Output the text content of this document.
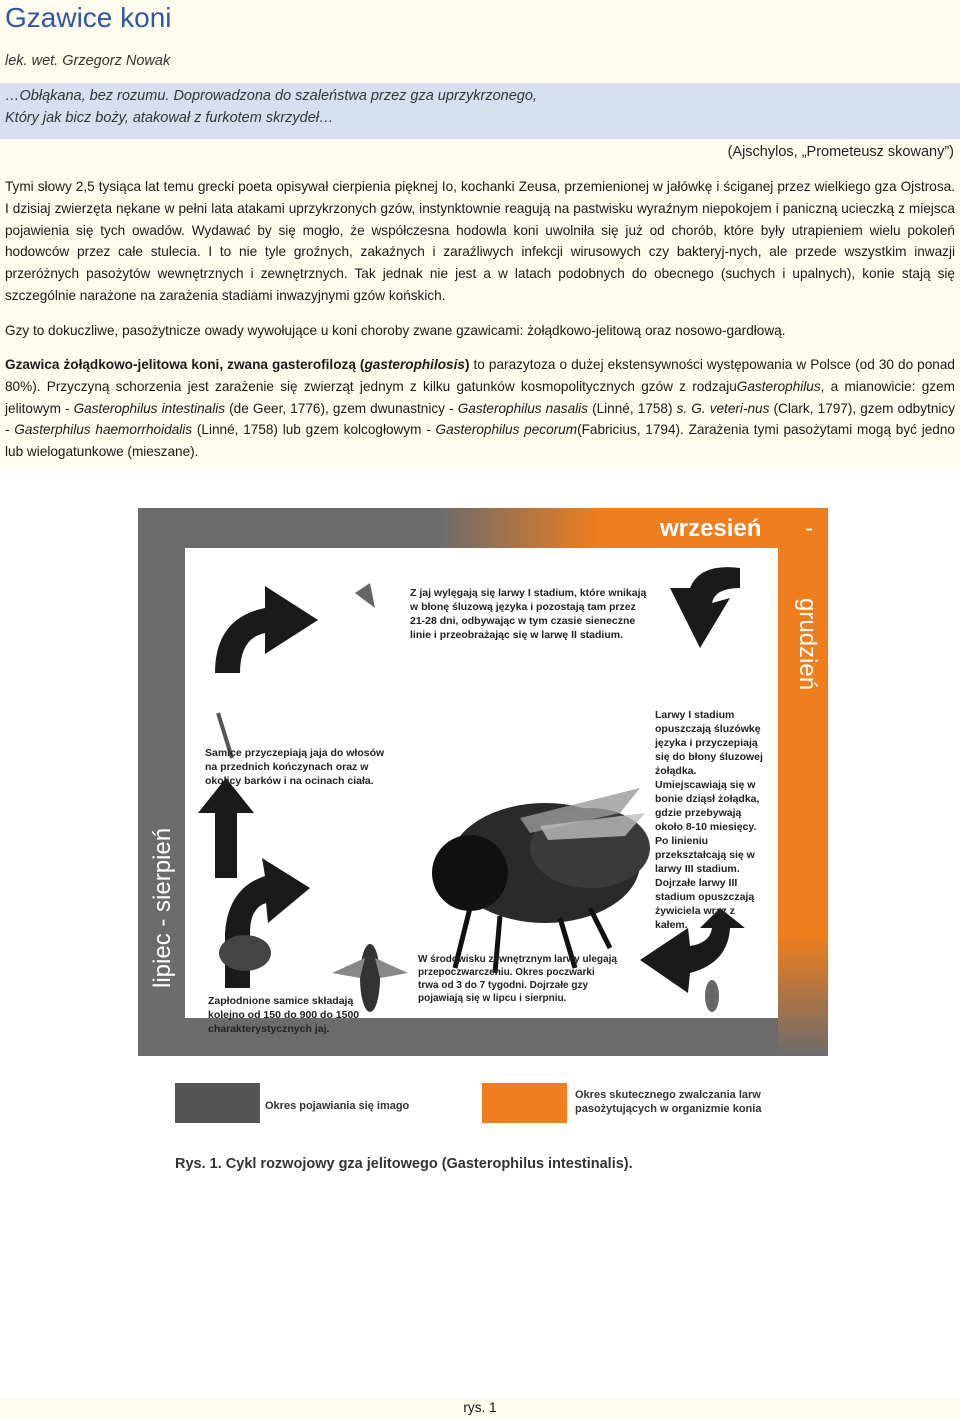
Gzawice koni
lek. wet. Grzegorz Nowak
…Obłąkana, bez rozumu. Doprowadzona do szaleństwa przez gza uprzykrzonego,
Który jak bicz boży, atakował z furkotem skrzydeł…
(Ajschylos, „Prometeusz skowany”)
Tymi słowy 2,5 tysiąca lat temu grecki poeta opisywał cierpienia pięknej Io, kochanki Zeusa, przemienionej w jałówkę i ściganej przez wielkiego gza Ojstrosa. I dzisiaj zwierzęta nękane w pełni lata atakami uprzykrzonych gzów, instynktownie reagują na pastwisku wyraźnym niepokojem i paniczną ucieczką z miejsca pojawienia się tych owadów. Wydawać by się mogło, że współczesna hodowla koni uwolniła się już od chorób, które były utrapieniem wielu pokoleń hodowców przez całe stulecia. I to nie tyle groźnych, zakaźnych i zaraźliwych infekcji wirusowych czy bakteryj-nych, ale przede wszystkim inwazji przeróżnych pasożytów wewnętrznych i zewnętrznych. Tak jednak nie jest a w latach podobnych do obecnego (suchych i upalnych), konie stają się szczególnie narażone na zarażenia stadiami inwazyjnymi gzów końskich.
Gzy to dokuczliwe, pasożytnicze owady wywołujące u koni choroby zwane gzawicami: żołądkowo-jelitową oraz nosowo-gardłową.
Gzawica żołądkowo-jelitowa koni, zwana gasterofilozą (gasterophilosis) to parazytoza o dużej ekstensywności występowania w Polsce (od 30 do ponad 80%). Przyczyną schorzenia jest zarażenie się zwierząt jednym z kilku gatunków kosmopolitycznych gzów z rodzajuGasterophilus, a mianowicie: gzem jelitowym - Gasterophilus intestinalis (de Geer, 1776), gzem dwunastnicy - Gasterophilus nasalis (Linné, 1758) s. G. veteri-nus (Clark, 1797), gzem odbytnicy - Gasterphilus haemorrhoidalis (Linné, 1758) lub gzem kolcogłowym - Gasterophilus pecorum(Fabricius, 1794). Zarażenia tymi pasożytami mogą być jedno lub wielogatunkowe (mieszane).
wrzesień -
grudzień
lipiec - sierpień
Z jaj wylęgają się larwy I stadium, które wnikają w błonę śluzową języka i pozostają tam przez 21-28 dni, odbywając w tym czasie sieneczne linie i przeobrażając się w larwę II stadium.
Larwy I stadium opuszczają śluzówkę języka i przyczepiają się do błony śluzowej żołądka. Umiejscawiają się w bonie dziąsł żołądka, gdzie przebywają około 8-10 miesięcy. Po linieniu przekształcają się w larwy III stadium. Dojrzałe larwy III stadium opuszczają żywiciela wraz z kałem.
Samice przyczepiają jaja do włosów na przednich kończynach oraz w okolicy barków i na ocinach ciała.
Zapłodnione samice składają kolejno od 150 do 900 do 1500 charakterystycznych jaj.
W środowisku zewnętrznym larwy ulegają przepoczwarczeniu. Okres poczwarki trwa od 3 do 7 tygodni. Dojrzałe gzy pojawiają się w lipcu i sierpniu.
Okres pojawiania się imago
Okres skutecznego zwalczania larw pasożytujących w organizmie konia
Rys. 1. Cykl rozwojowy gza jelitowego (Gasterophilus intestinalis).
rys. 1
